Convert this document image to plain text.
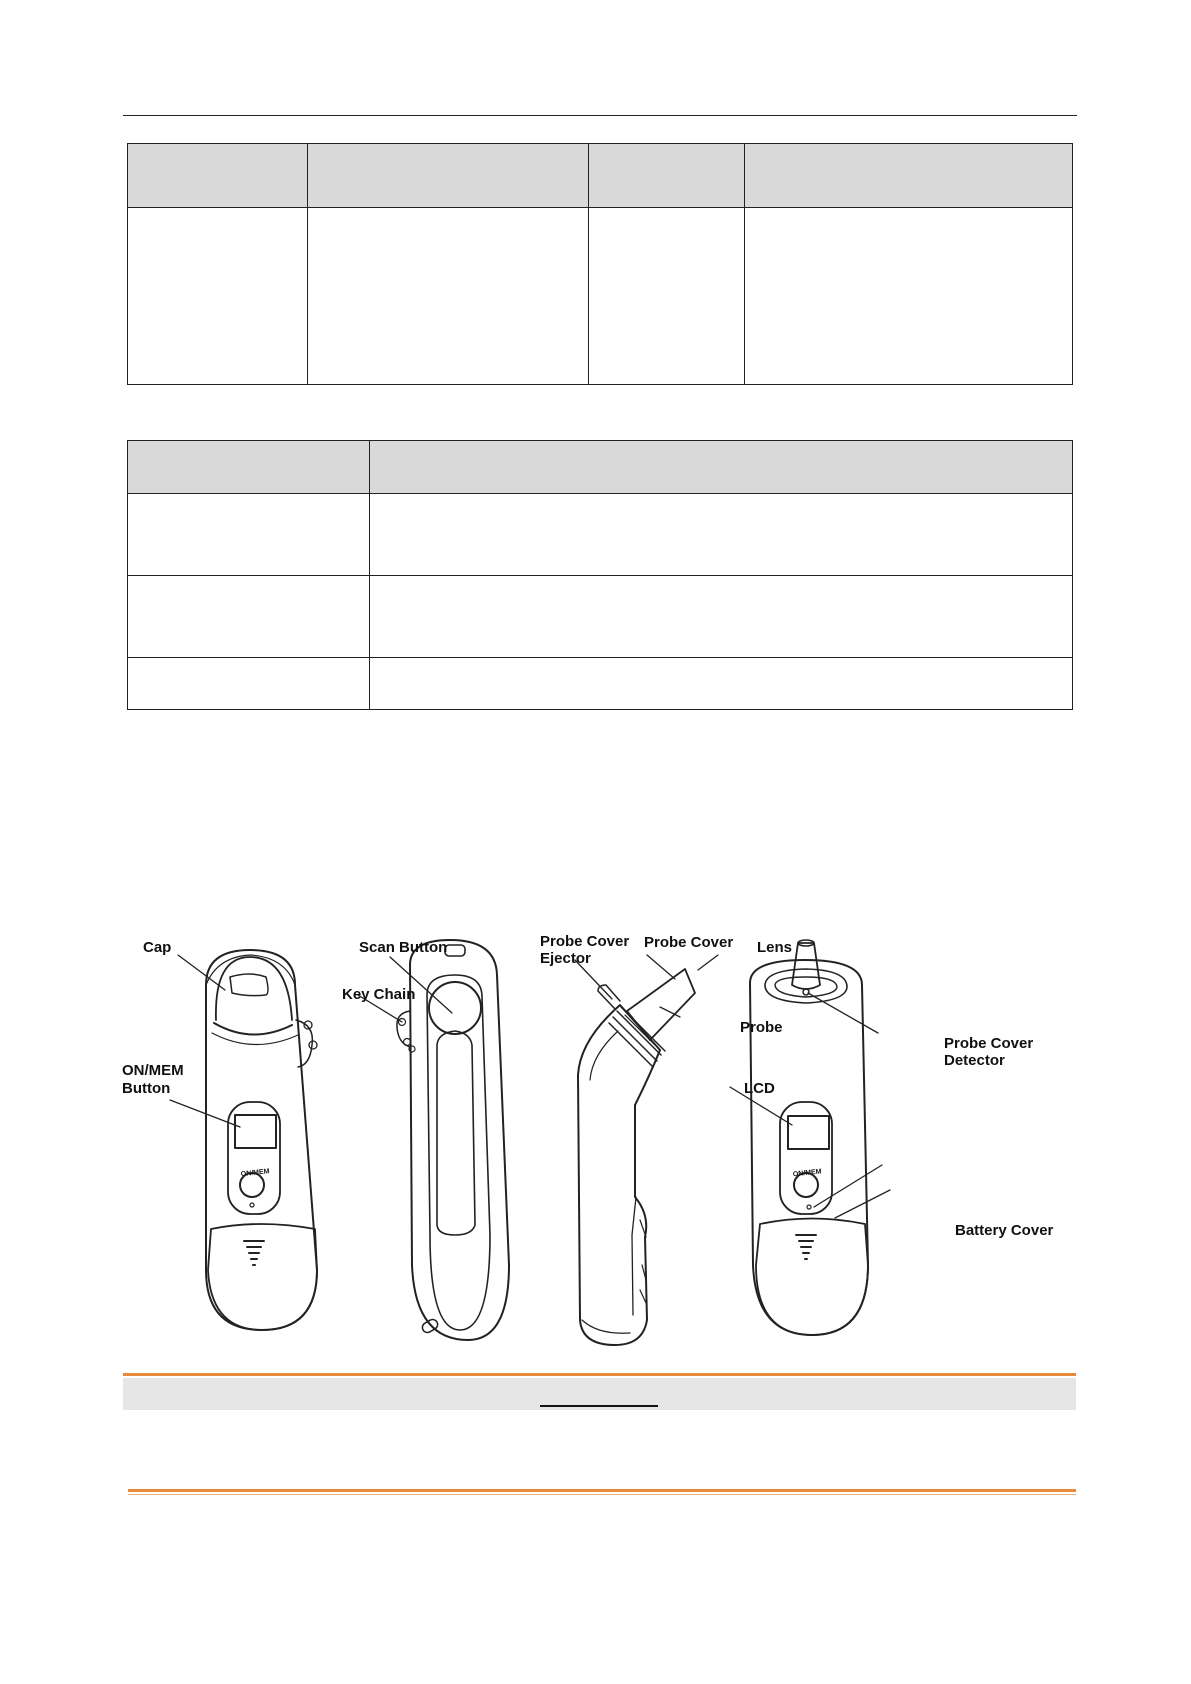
ON/MEM	ON/MEM
Cap
ON/MEM
Button
Scan Button
Key Chain
Probe Cover
Ejector
Probe Cover Lens
Probe
Probe Cover
Detector
LCD
Battery Cover
